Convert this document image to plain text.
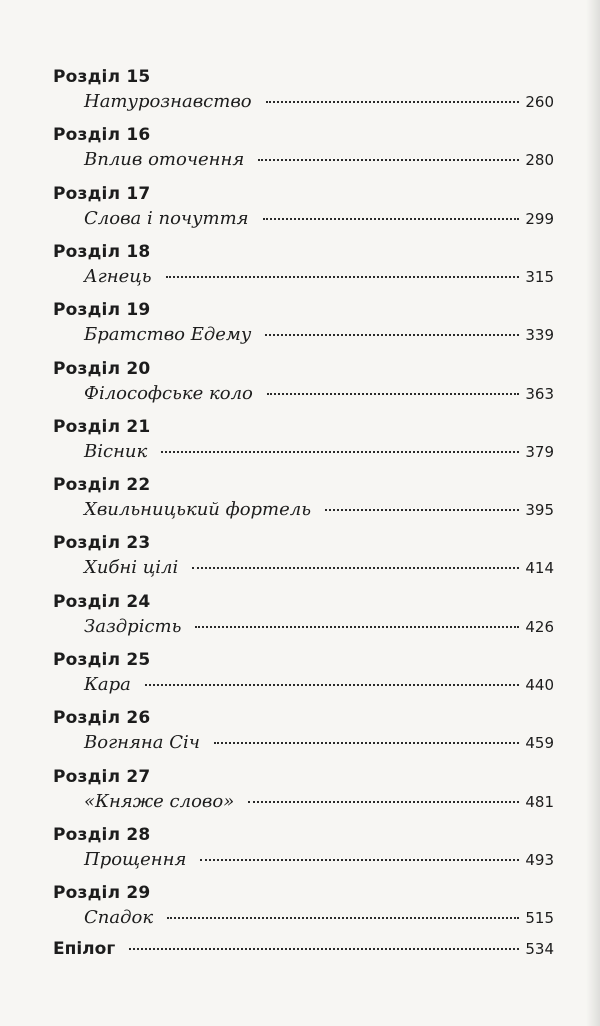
Розділ 15
Натурознавство	260
Розділ 16
Вплив оточення	280
Розділ 17
Слова і почуття	299
Розділ 18
Агнець	315
Розділ 19
Братство Едему	339
Розділ 20
Філософське коло	363
Розділ 21
Вісник	379
Розділ 22
Хвильницький фортель	395
Розділ 23
Хибні цілі	414
Розділ 24
Заздрість	426
Розділ 25
Кара	440
Розділ 26
Вогняна Січ	459
Розділ 27
«Княже слово»	481
Розділ 28
Прощення	493
Розділ 29
Спадок	515
Епілог	534
